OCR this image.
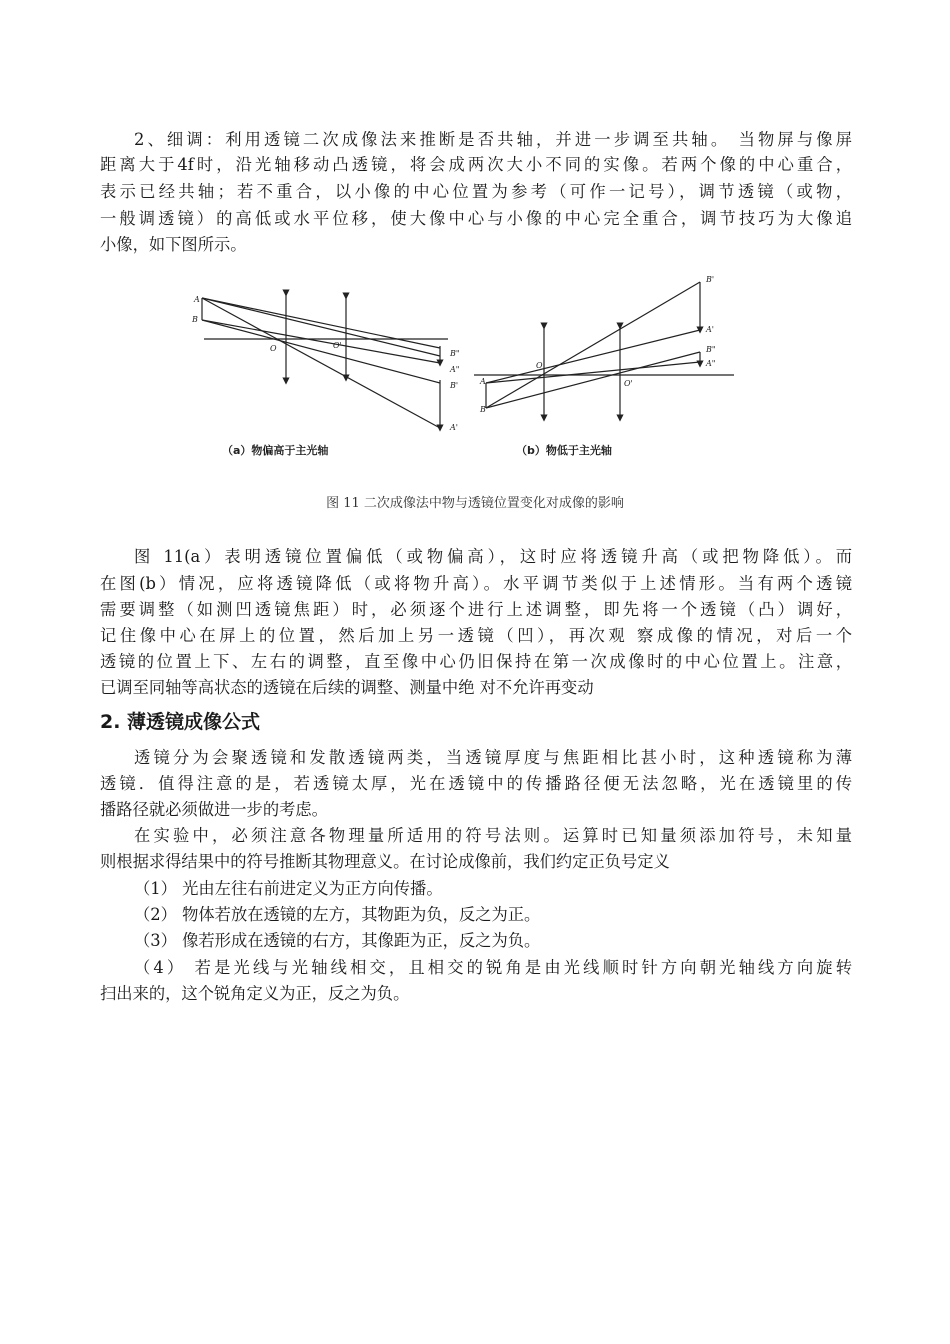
2、细调：利用透镜二次成像法来推断是否共轴，并进一步调至共轴。 当物屏与像屏
距离大于4f时，沿光轴移动凸透镜，将会成两次大小不同的实像。若两个像的中心重合，
表示已经共轴；若不重合，以小像的中心位置为参考（可作一记号），调节透镜（或物，
一般调透镜）的高低或水平位移，使大像中心与小像的中心完全重合，调节技巧为大像追
小像，如下图所示。
A
B
O	O'
B"
A"
B'
A'
B'
A'
B"
A"
O
O'
A
B
（a）物偏高于主光轴	（b）物低于主光轴
图 11 二次成像法中物与透镜位置变化对成像的影响
图 11(a）表明透镜位置偏低（或物偏高），这时应将透镜升高（或把物降低）。而
在图(b）情况，应将透镜降低（或将物升高）。水平调节类似于上述情形。当有两个透镜
需要调整（如测凹透镜焦距）时，必须逐个进行上述调整，即先将一个透镜（凸）调好，
记住像中心在屏上的位置，然后加上另一透镜（凹），再次观 察成像的情况，对后一个
透镜的位置上下、左右的调整，直至像中心仍旧保持在第一次成像时的中心位置上。注意，
已调至同轴等高状态的透镜在后续的调整、测量中绝 对不允许再变动
2. 薄透镜成像公式
透镜分为会聚透镜和发散透镜两类，当透镜厚度与焦距相比甚小时，这种透镜称为薄
透镜．值得注意的是，若透镜太厚，光在透镜中的传播路径便无法忽略，光在透镜里的传
播路径就必须做进一步的考虑。
在实验中，必须注意各物理量所适用的符号法则。运算时已知量须添加符号，未知量
则根据求得结果中的符号推断其物理意义。在讨论成像前，我们约定正负号定义
（1） 光由左往右前进定义为正方向传播。
（2） 物体若放在透镜的左方，其物距为负，反之为正。
（3） 像若形成在透镜的右方，其像距为正，反之为负。
（4） 若是光线与光轴线相交，且相交的锐角是由光线顺时针方向朝光轴线方向旋转
扫出来的，这个锐角定义为正，反之为负。
